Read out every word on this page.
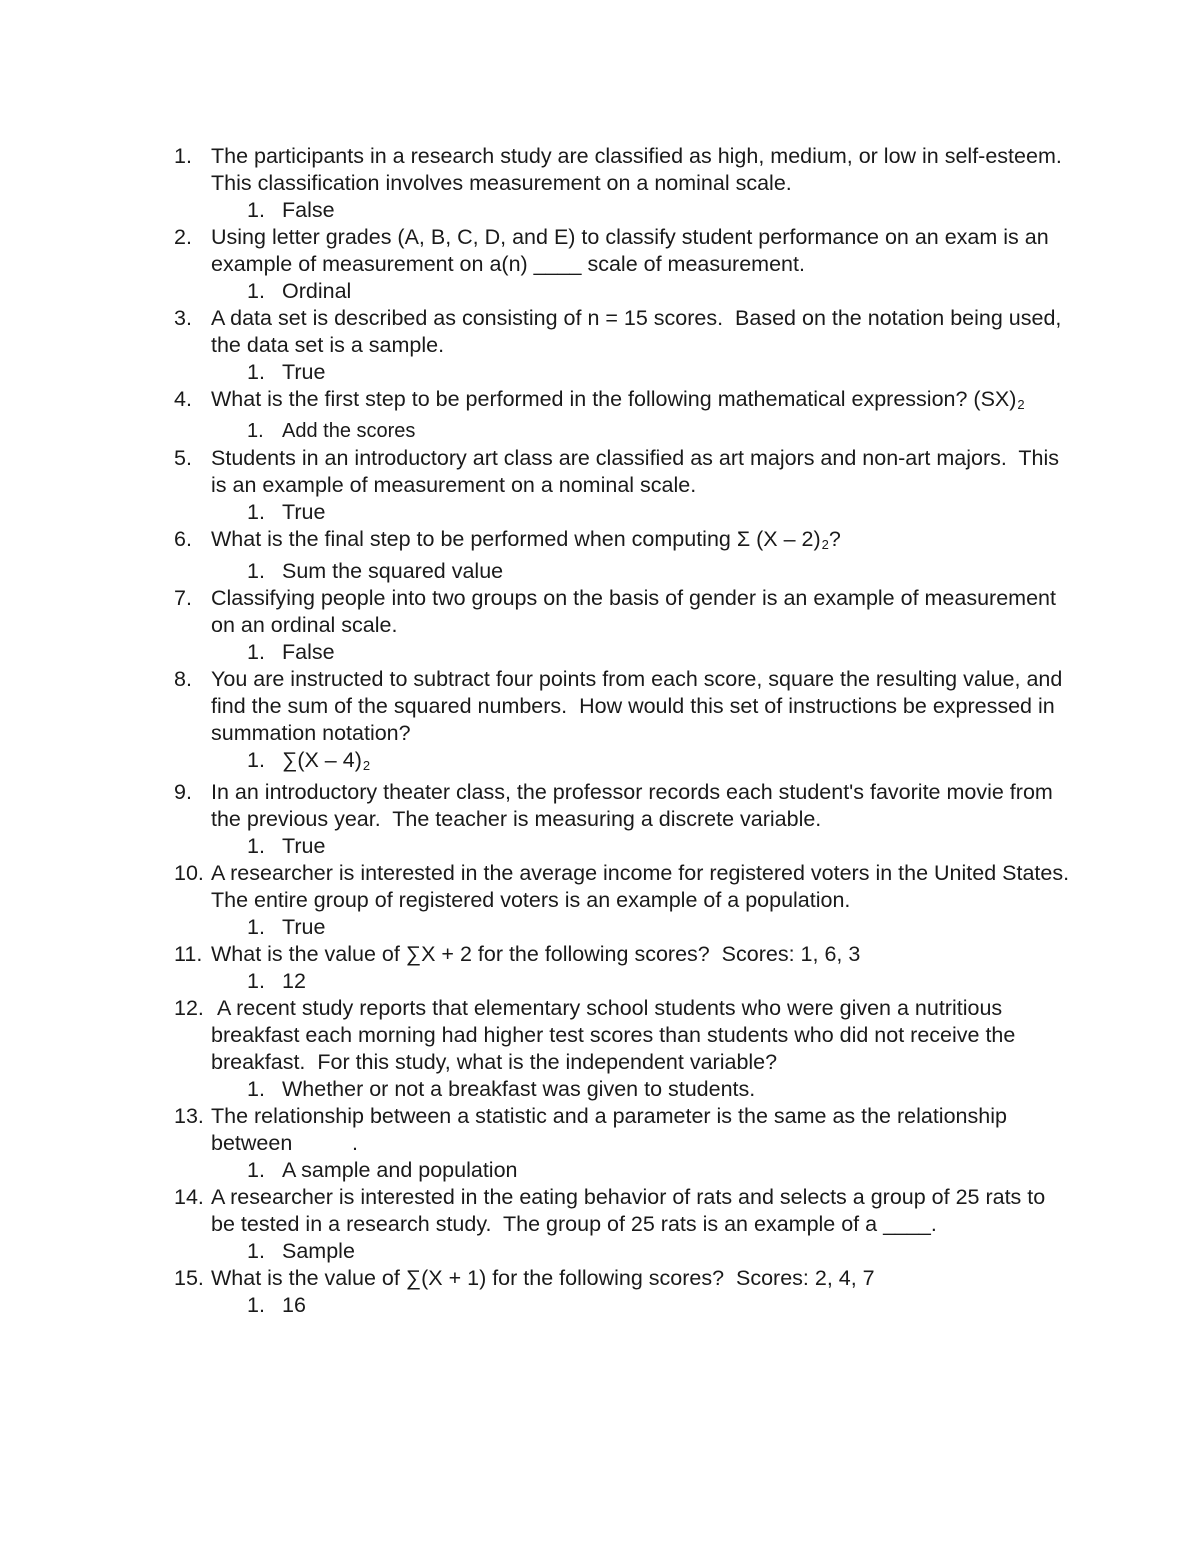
1. The participants in a research study are classified as high, medium, or low in self-esteem.  This classification involves measurement on a nominal scale.
1. False
2. Using letter grades (A, B, C, D, and E) to classify student performance on an exam is an example of measurement on a(n) ____ scale of measurement.
1. Ordinal
3. A data set is described as consisting of n = 15 scores.  Based on the notation being used, the data set is a sample.
1. True
4. What is the first step to be performed in the following mathematical expression? (SX)$^2$
1. Add the scores
5. Students in an introductory art class are classified as art majors and non-art majors.  This is an example of measurement on a nominal scale.
1. True
6. What is the final step to be performed when computing Σ (X – 2)$^2$?
1. Sum the squared value
7. Classifying people into two groups on the basis of gender is an example of measurement on an ordinal scale.
1. False
8. You are instructed to subtract four points from each score, square the resulting value, and find the sum of the squared numbers.  How would this set of instructions be expressed in summation notation?
1. ∑(X – 4)$^2$
9. In an introductory theater class, the professor records each student's favorite movie from the previous year.  The teacher is measuring a discrete variable.
1. True
10. A researcher is interested in the average income for registered voters in the United States.  The entire group of registered voters is an example of a population.
1. True
11. What is the value of ∑X + 2 for the following scores?  Scores: 1, 6, 3
1. 12
12. A recent study reports that elementary school students who were given a nutritious breakfast each morning had higher test scores than students who did not receive the breakfast.  For this study, what is the independent variable?
1. Whether or not a breakfast was given to students.
13. The relationship between a statistic and a parameter is the same as the relationship between          .
1. A sample and population
14. A researcher is interested in the eating behavior of rats and selects a group of 25 rats to be tested in a research study.  The group of 25 rats is an example of a ____.
1. Sample
15. What is the value of ∑(X + 1) for the following scores?  Scores: 2, 4, 7
1. 16
